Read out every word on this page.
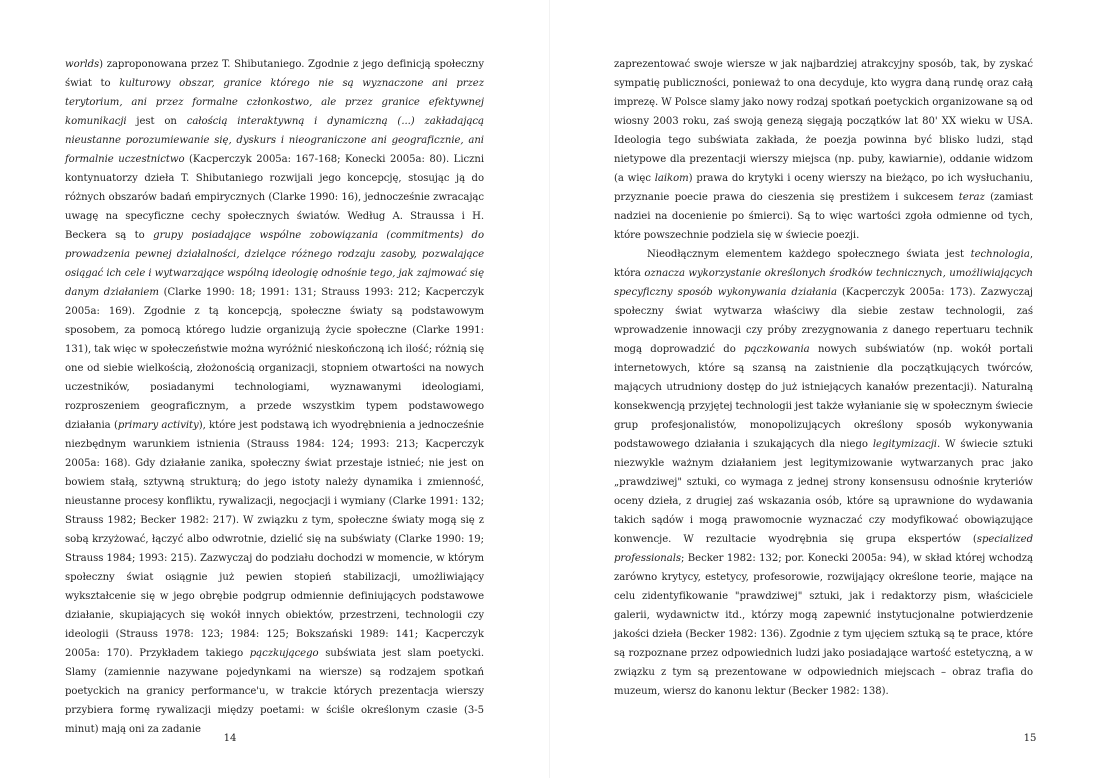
worlds) zaproponowana przez T. Shibutaniego. Zgodnie z jego definicją społeczny świat to kulturowy obszar, granice którego nie są wyznaczone ani przez terytorium, ani przez formalne członkostwo, ale przez granice efektywnej komunikacji jest on całością interaktywną i dynamiczną (...) zakładającą nieustanne porozumiewanie się, dyskurs i nieograniczone ani geograficznie, ani formalnie uczestnictwo (Kacperczyk 2005a: 167-168; Konecki 2005a: 80). Liczni kontynuatorzy dzieła T. Shibutaniego rozwijali jego koncepcję, stosując ją do różnych obszarów badań empirycznych (Clarke 1990: 16), jednocześnie zwracając uwagę na specyficzne cechy społecznych światów. Według A. Straussa i H. Beckera są to grupy posiadające wspólne zobowiązania (commitments) do prowadzenia pewnej działalności, dzielące różnego rodzaju zasoby, pozwalające osiągać ich cele i wytwarzające wspólną ideologię odnośnie tego, jak zajmować się danym działaniem (Clarke 1990: 18; 1991: 131; Strauss 1993: 212; Kacperczyk 2005a: 169). Zgodnie z tą koncepcją, społeczne światy są podstawowym sposobem, za pomocą którego ludzie organizują życie społeczne (Clarke 1991: 131), tak więc w społeczeństwie można wyróżnić nieskończoną ich ilość; różnią się one od siebie wielkością, złożonością organizacji, stopniem otwartości na nowych uczestników, posiadanymi technologiami, wyznawanymi ideologiami, rozproszeniem geograficznym, a przede wszystkim typem podstawowego działania (primary activity), które jest podstawą ich wyodrębnienia a jednocześnie niezbędnym warunkiem istnienia (Strauss 1984: 124; 1993: 213; Kacperczyk 2005a: 168). Gdy działanie zanika, społeczny świat przestaje istnieć; nie jest on bowiem stałą, sztywną strukturą; do jego istoty należy dynamika i zmienność, nieustanne procesy konfliktu, rywalizacji, negocjacji i wymiany (Clarke 1991: 132; Strauss 1982; Becker 1982: 217). W związku z tym, społeczne światy mogą się z sobą krzyżować, łączyć albo odwrotnie, dzielić się na subświaty (Clarke 1990: 19; Strauss 1984; 1993: 215). Zazwyczaj do podziału dochodzi w momencie, w którym społeczny świat osiągnie już pewien stopień stabilizacji, umożliwiający wykształcenie się w jego obrębie podgrup odmiennie definiujących podstawowe działanie, skupiających się wokół innych obiektów, przestrzeni, technologii czy ideologii (Strauss 1978: 123; 1984: 125; Bokszański 1989: 141; Kacperczyk 2005a: 170). Przykładem takiego pączkującego subświata jest slam poetycki. Slamy (zamiennie nazywane pojedynkami na wiersze) są rodzajem spotkań poetyckich na granicy performance'u, w trakcie których prezentacja wierszy przybiera formę rywalizacji między poetami: w ściśle określonym czasie (3-5 minut) mają oni za zadanie

14

zaprezentować swoje wiersze w jak najbardziej atrakcyjny sposób, tak, by zyskać sympatię publiczności, ponieważ to ona decyduje, kto wygra daną rundę oraz całą imprezę. W Polsce slamy jako nowy rodzaj spotkań poetyckich organizowane są od wiosny 2003 roku, zaś swoją genezą sięgają początków lat 80' XX wieku w USA. Ideologia tego subświata zakłada, że poezja powinna być blisko ludzi, stąd nietypowe dla prezentacji wierszy miejsca (np. puby, kawiarnie), oddanie widzom (a więc laikom) prawa do krytyki i oceny wierszy na bieżąco, po ich wysłuchaniu, przyznanie poecie prawa do cieszenia się prestiżem i sukcesem teraz (zamiast nadziei na docenienie po śmierci). Są to więc wartości zgoła odmienne od tych, które powszechnie podziela się w świecie poezji.

Nieodłącznym elementem każdego społecznego świata jest technologia, która oznacza wykorzystanie określonych środków technicznych, umożliwiających specyficzny sposób wykonywania działania (Kacperczyk 2005a: 173). Zazwyczaj społeczny świat wytwarza właściwy dla siebie zestaw technologii, zaś wprowadzenie innowacji czy próby zrezygnowania z danego repertuaru technik mogą doprowadzić do pączkowania nowych subświatów (np. wokół portali internetowych, które są szansą na zaistnienie dla początkujących twórców, mających utrudniony dostęp do już istniejących kanałów prezentacji). Naturalną konsekwencją przyjętej technologii jest także wyłanianie się w społecznym świecie grup profesjonalistów, monopolizujących określony sposób wykonywania podstawowego działania i szukających dla niego legitymizacji. W świecie sztuki niezwykle ważnym działaniem jest legitymizowanie wytwarzanych prac jako „prawdziwej" sztuki, co wymaga z jednej strony konsensusu odnośnie kryteriów oceny dzieła, z drugiej zaś wskazania osób, które są uprawnione do wydawania takich sądów i mogą prawomocnie wyznaczać czy modyfikować obowiązujące konwencje. W rezultacie wyodrębnia się grupa ekspertów (specialized professionals; Becker 1982: 132; por. Konecki 2005a: 94), w skład której wchodzą zarówno krytycy, estetycy, profesorowie, rozwijający określone teorie, mające na celu zidentyfikowanie "prawdziwej" sztuki, jak i redaktorzy pism, właściciele galerii, wydawnictw itd., którzy mogą zapewnić instytucjonalne potwierdzenie jakości dzieła (Becker 1982: 136). Zgodnie z tym ujęciem sztuką są te prace, które są rozpoznane przez odpowiednich ludzi jako posiadające wartość estetyczną, a w związku z tym są prezentowane w odpowiednich miejscach – obraz trafia do muzeum, wiersz do kanonu lektur (Becker 1982: 138).

15
